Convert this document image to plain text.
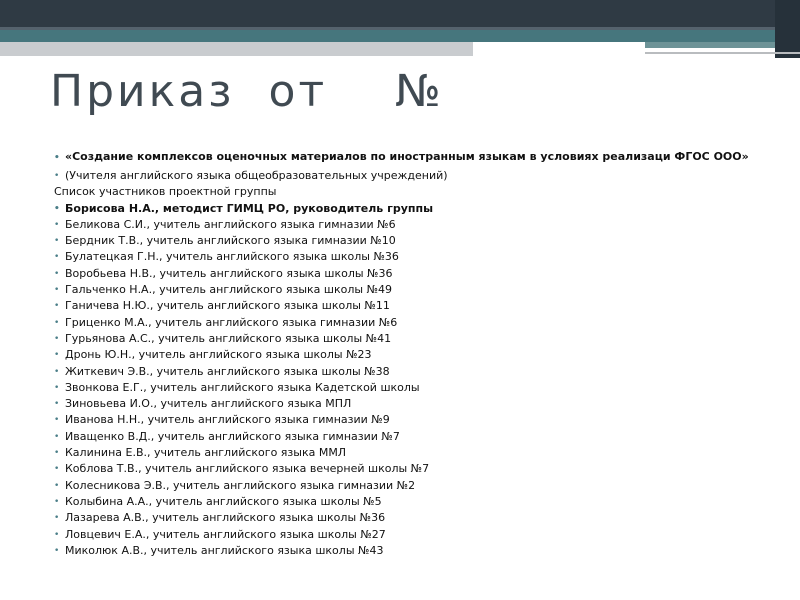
Приказ  от    №
• «Создание комплексов оценочных материалов по иностранным языкам в условиях реализаци ФГОС ООО»
• (Учителя английского языка общеобразовательных учреждений)
Список участников проектной группы
• Борисова Н.А., методист ГИМЦ РО, руководитель группы
• Беликова С.И., учитель английского языка гимназии №6
• Бердник Т.В., учитель английского языка гимназии №10
• Булатецкая Г.Н., учитель английского языка школы №36
• Воробьева Н.В., учитель английского языка школы №36
• Гальченко Н.А., учитель английского языка школы №49
• Ганичева Н.Ю., учитель английского языка школы №11
• Гриценко М.А., учитель английского языка гимназии №6
• Гурьянова А.С., учитель английского языка школы №41
• Дронь Ю.Н., учитель английского языка школы №23
• Житкевич Э.В., учитель английского языка школы №38
• Звонкова Е.Г., учитель английского языка Кадетской школы
• Зиновьева И.О., учитель английского языка МПЛ
• Иванова Н.Н., учитель английского языка гимназии №9
• Иващенко В.Д., учитель английского языка гимназии №7
• Калинина Е.В., учитель английского языка ММЛ
• Коблова Т.В., учитель английского языка вечерней школы №7
• Колесникова Э.В., учитель английского языка гимназии №2
• Колыбина А.А., учитель английского языка школы №5
• Лазарева А.В., учитель английского языка школы №36
• Ловцевич Е.А., учитель английского языка школы №27
• Миколюк А.В., учитель английского языка школы №43
